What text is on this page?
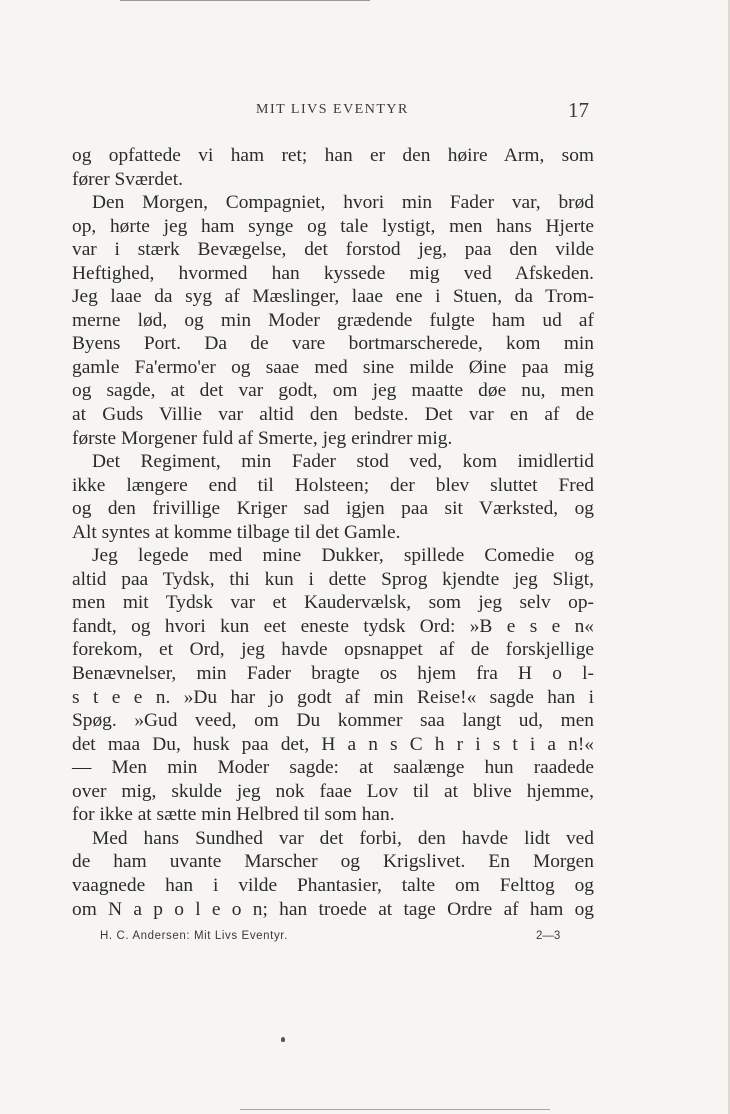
MIT LIVS EVENTYR	17
og opfattede vi ham ret; han er den høire Arm, som
fører Sværdet.
Den Morgen, Compagniet, hvori min Fader var, brød
op, hørte jeg ham synge og tale lystigt, men hans Hjerte
var i stærk Bevægelse, det forstod jeg, paa den vilde
Heftighed, hvormed han kyssede mig ved Afskeden.
Jeg laae da syg af Mæslinger, laae ene i Stuen, da Trom-
merne lød, og min Moder grædende fulgte ham ud af
Byens Port. Da de vare bortmarscherede, kom min
gamle Fa'ermo'er og saae med sine milde Øine paa mig
og sagde, at det var godt, om jeg maatte døe nu, men
at Guds Villie var altid den bedste. Det var en af de
første Morgener fuld af Smerte, jeg erindrer mig.
Det Regiment, min Fader stod ved, kom imidlertid
ikke længere end til Holsteen; der blev sluttet Fred
og den frivillige Kriger sad igjen paa sit Værksted, og
Alt syntes at komme tilbage til det Gamle.
Jeg legede med mine Dukker, spillede Comedie og
altid paa Tydsk, thi kun i dette Sprog kjendte jeg Sligt,
men mit Tydsk var et Kaudervælsk, som jeg selv op-
fandt, og hvori kun eet eneste tydsk Ord: »B e s e n«
forekom, et Ord, jeg havde opsnappet af de forskjellige
Benævnelser, min Fader bragte os hjem fra H o l-
s t e e n. »Du har jo godt af min Reise!« sagde han i
Spøg. »Gud veed, om Du kommer saa langt ud, men
det maa Du, husk paa det, H a n s C h r i s t i a n!«
— Men min Moder sagde: at saalænge hun raadede
over mig, skulde jeg nok faae Lov til at blive hjemme,
for ikke at sætte min Helbred til som han.
Med hans Sundhed var det forbi, den havde lidt ved
de ham uvante Marscher og Krigslivet. En Morgen
vaagnede han i vilde Phantasier, talte om Felttog og
om N a p o l e o n; han troede at tage Ordre af ham og
H. C. Andersen: Mit Livs Eventyr.	2—3
